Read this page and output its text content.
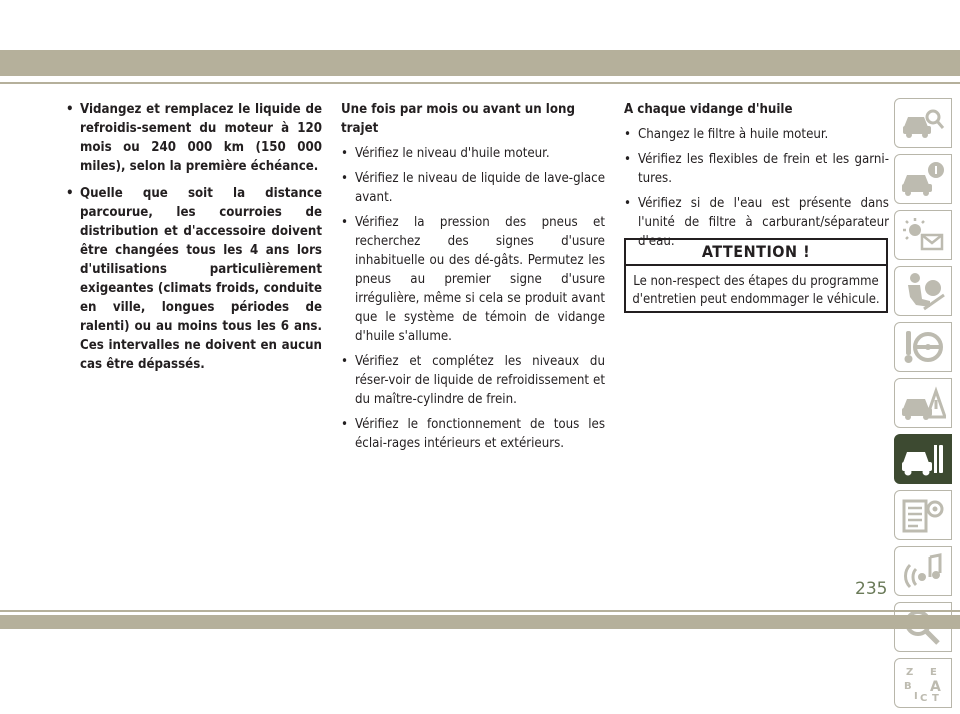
• Vidangez et remplacez le liquide de refroidis-sement du moteur à 120 mois ou 240 000 km (150 000 miles), selon la première échéance.

• Quelle que soit la distance parcourue, les courroies de distribution et d'accessoire doivent être changées tous les 4 ans lors d'utilisations particulièrement exigeantes (climats froids, conduite en ville, longues périodes de ralenti) ou au moins tous les 6 ans. Ces intervalles ne doivent en aucun cas être dépassés.

Une fois par mois ou avant un long trajet

• Vérifiez le niveau d'huile moteur.

• Vérifiez le niveau de liquide de lave-glace avant.

• Vérifiez la pression des pneus et recherchez des signes d'usure inhabituelle ou des dé-gâts. Permutez les pneus au premier signe d'usure irrégulière, même si cela se produit avant que le système de témoin de vidange d'huile s'allume.

• Vérifiez et complétez les niveaux du réser-voir de liquide de refroidissement et du maître-cylindre de frein.

• Vérifiez le fonctionnement de tous les éclai-rages intérieurs et extérieurs.

A chaque vidange d'huile

• Changez le filtre à huile moteur.

• Vérifiez les flexibles de frein et les garni-tures.

• Vérifiez si de l'eau est présente dans l'unité de filtre à carburant/séparateur d'eau.

ATTENTION !
Le non-respect des étapes du programme d'entretien peut endommager le véhicule.
Z E
B A
I C T
235
